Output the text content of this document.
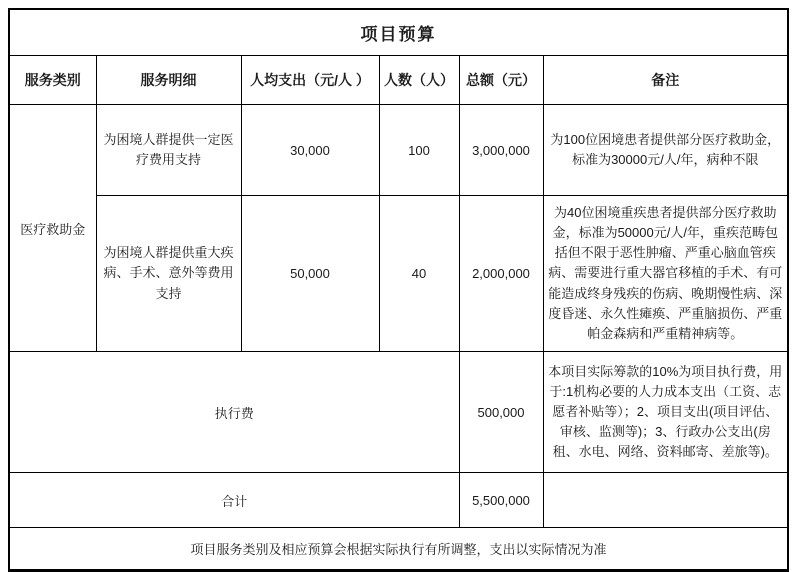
项目预算					
服务类别	服务明细	人均支出（元/人 ）	人数（人）	总额（元）	备注
医疗救助金	为困境人群提供一定医疗费用支持	30,000	100	3,000,000	为100位困境患者提供部分医疗救助金，标准为30000元/人/年，病种不限
	为困境人群提供重大疾病、手术、意外等费用支持	50,000	40	2,000,000	为40位困境重疾患者提供部分医疗救助金，标准为50000元/人/年，重疾范畴包括但不限于恶性肿瘤、严重心脑血管疾病、需要进行重大器官移植的手术、有可能造成终身残疾的伤病、晚期慢性病、深度昏迷、永久性瘫痪、严重脑损伤、严重帕金森病和严重精神病等。
执行费				500,000	本项目实际筹款的10%为项目执行费，用于:1机构必要的人力成本支出（工资、志愿者补贴等）；2、项目支出(项目评估、审核、监测等)；3、行政办公支出(房租、水电、网络、资料邮寄、差旅等)。
合计				5,500,000	
项目服务类别及相应预算会根据实际执行有所调整，支出以实际情况为准					
